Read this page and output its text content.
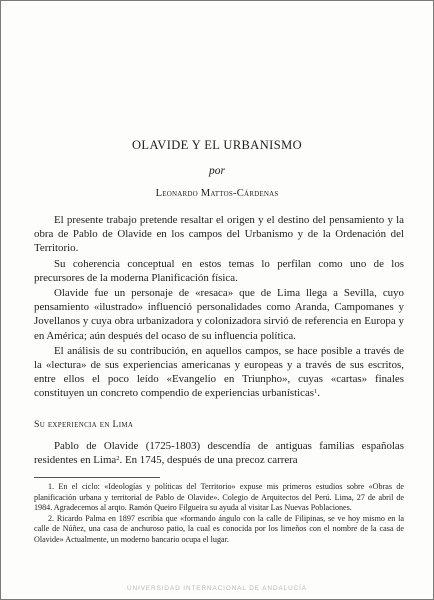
OLAVIDE Y EL URBANISMO
por
Leonardo Mattos-Cárdenas

El presente trabajo pretende resaltar el origen y el destino del pensamiento y la obra de Pablo de Olavide en los campos del Urbanismo y de la Ordenación del Territorio.

Su coherencia conceptual en estos temas lo perfilan como uno de los precursores de la moderna Planificación física.

Olavide fue un personaje de «resaca» que de Lima llega a Sevilla, cuyo pensamiento «ilustrado» influenció personalidades como Aranda, Campomanes y Jovellanos y cuya obra urbanizadora y colonizadora sirvió de referencia en Europa y en América; aún después del ocaso de su influencia política.

El análisis de su contribución, en aquellos campos, se hace posible a través de la «lectura» de sus experiencias americanas y europeas y a través de sus escritos, entre ellos el poco leído «Evangelio en Triunpho», cuyas «cartas» finales constituyen un concreto compendio de experiencias urbanísticas$^1$.

Su experiencia en Lima

Pablo de Olavide (1725-1803) descendía de antiguas familias españolas residentes en Lima$^2$. En 1745, después de una precoz carrera

1. En el ciclo: «Ideologías y políticas del Territorio» expuse mis primeros estudios sobre «Obras de planificación urbana y territorial de Pablo de Olavide». Colegio de Arquitectos del Perú. Lima, 27 de abril de 1984. Agradecemos al arqto. Ramón Queiro Filgueira su ayuda al visitar Las Nuevas Poblaciones.

2. Ricardo Palma en 1897 escribía que «formando ángulo con la calle de Filipinas, se ve hoy mismo en la calle de Núñez, una casa de anchuroso patio, la cual es conocida por los limeños con el nombre de la casa de Olavide» Actualmente, un moderno bancario ocupa el lugar.

UNIVERSIDAD INTERNACIONAL DE ANDALUCÍA
